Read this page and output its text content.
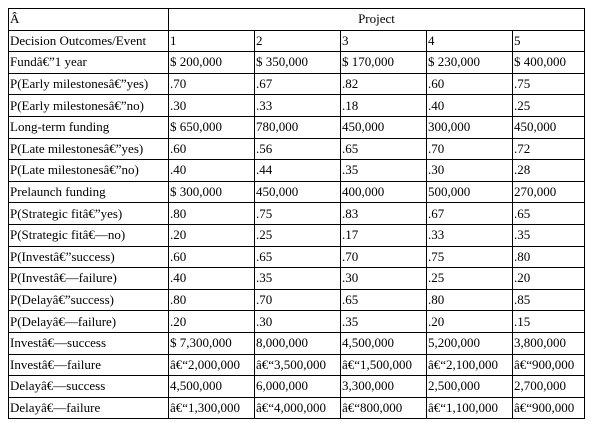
Â	Project				
Decision Outcomes/Event	1	2	3	4	5
Fundâ€”1 year	$ 200,000	$ 350,000	$ 170,000	$ 230,000	$ 400,000
P(Early milestonesâ€”yes)	.70	.67	.82	.60	.75
P(Early milestonesâ€”no)	.30	.33	.18	.40	.25
Long-term funding	$ 650,000	780,000	450,000	300,000	450,000
P(Late milestonesâ€”yes)	.60	.56	.65	.70	.72
P(Late milestonesâ€”no)	.40	.44	.35	.30	.28
Prelaunch funding	$ 300,000	450,000	400,000	500,000	270,000
P(Strategic fitâ€”yes)	.80	.75	.83	.67	.65
P(Strategic fitâ€—no)	.20	.25	.17	.33	.35
P(Investâ€”success)	.60	.65	.70	.75	.80
P(Investâ€—failure)	.40	.35	.30	.25	.20
P(Delayâ€”success)	.80	.70	.65	.80	.85
P(Delayâ€—failure)	.20	.30	.35	.20	.15
Investâ€—success	$ 7,300,000	8,000,000	4,500,000	5,200,000	3,800,000
Investâ€—failure	â€“2,000,000	â€“3,500,000	â€“1,500,000	â€“2,100,000	â€“900,000
Delayâ€—success	4,500,000	6,000,000	3,300,000	2,500,000	2,700,000
Delayâ€—failure	â€“1,300,000	â€“4,000,000	â€“800,000	â€“1,100,000	â€“900,000
